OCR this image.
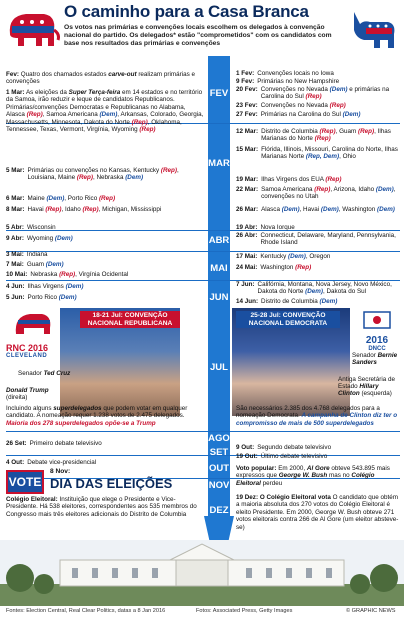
O caminho para a Casa Branca
Os votos nas primárias e convenções locais escolhem os delegados à convenção nacional do partido. Os delegados* estão "comprometidos" com os candidatos com base nos resultados das primárias e convenções
FEV
MAR
ABR
MAI
JUN
JUL
AGO
SET
OUT
NOV
DEZ
Fev: Quatro dos chamados estados carve-out realizam primárias e convenções
1 Mar: As eleições da Super Terça-feira em 14 estados e no território da Samoa, irão reduzir e leque de candidatos Republicanos. Primárias/convenções Democratas e Republicanas no Alabama, Alasca (Rep), Samoa Americana (Dem), Arkansas, Colorado, Georgia, Massachusetts, Minnesota, Dakota do Norte (Rep), Oklahoma, Tennessee, Texas, Vermont, Virgínia, Wyoming (Rep)
5 Mar: Primárias ou convenções no Kansas, Kentucky (Rep), Louisiana, Maine (Rep), Nebraska (Dem)
6 Mar: Maine (Dem), Porto Rico (Rep)
8 Mar: Havai (Rep), Idaho (Rep), Michigan, Mississippi
5 Abr: Wisconsin
9 Abr: Wyoming (Dem)
3 Mai: Indiana
7 Mai: Guam (Dem)
10 Mai: Nebraska (Rep), Virgínia Ocidental
4 Jun: Ilhas Virgens (Dem)
5 Jun: Porto Rico (Dem)
1 Fev: Convenções locais no Iowa
9 Fev: Primárias no New Hampshire
20 Fev: Convenções no Nevada (Dem) e primárias na Carolina do Sul (Rep)
23 Fev: Convenções no Nevada (Rep)
27 Fev: Primárias na Carolina do Sul (Dem)
12 Mar: Distrito de Columbia (Rep), Guam (Rep), Ilhas Marianas do Norte (Rep)
15 Mar: Flórida, Illinois, Missouri, Carolina do Norte, Ilhas Marianas Norte (Rep, Dem), Ohio
19 Mar: Ilhas Virgens dos EUA (Rep)
22 Mar: Samoa Americana (Rep), Arizona, Idaho (Dem), convenções no Utah
26 Mar: Alasca (Dem), Havai (Dem), Washington (Dem)
19 Abr: Nova Iorque
26 Abr: Connecticut, Delaware, Maryland, Pennsylvania, Rhode Island
17 Mai: Kentucky (Dem), Oregon
24 Mai: Washington (Rep)
7 Jun: Califórnia, Montana, Nova Jersey, Novo México, Dakota do Norte (Dem), Dakota do Sul
14 Jun: Distrito de Columbia (Dem)
RNC 2016
CLEVELAND
18-21 Jul: CONVENÇÃO NACIONAL REPUBLICANA
25-28 Jul: CONVENÇÃO NACIONAL DEMOCRATA
2016
DNCC
Senador Ted Cruz
Donald Trump
(direita)
Senador Bernie Sanders
Antiga Secretária de Estado Hillary Clinton (esquerda)
Incluindo alguns superdelegados que podem votar em qualquer candidato. A nomeação requer 1.238 votos de 2.475 delegados. Maioria dos 278 superdelegados opõe-se a Trump
São necessários 2.385 dos 4.768 delegados para a nomeação Democrata. A campanha de Clinton diz ter o compromisso de mais de 500 superdelegados
26 Set: Primeiro debate televisivo
4 Out: Debate vice-presidencial
9 Out: Segundo debate televisivo
19 Out: Último debate televisivo
VOTE
8 Nov:
DIA DAS ELEIÇÕES
Voto popular: Em 2000, Al Gore obteve 543.895 mais expressos que George W. Bush mas no Colégio Eleitoral perdeu
Colégio Eleitoral: Instituição que elege o Presidente e Vice-Presidente. Há 538 eleitores, correspondentes aos 535 membros do Congresso mais três eleitores adicionais do Distrito de Columbia
19 Dez: O Colégio Eleitoral vota O candidato que obtém a maioria absoluta dos 270 votos do Colégio Eleitoral é eleito Presidente. Em 2000, George W. Bush obteve 271 votos eleitorais contra 266 de Al Gore (um eleitor absteve-se)
Fontes: Election Central, Real Clear Politics, datas a 8 Jan 2016	Fotos: Associated Press, Getty Images	© GRAPHIC NEWS
